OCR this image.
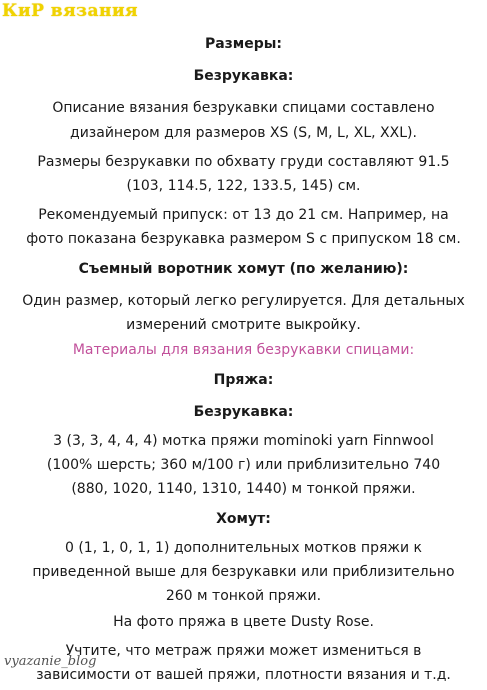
КиР вязания
Размеры:
Безрукавка:
Описание вязания безрукавки спицами составлено
дизайнером для размеров XS (S, M, L, XL, XXL).
Размеры безрукавки по обхвату груди составляют 91.5
(103, 114.5, 122, 133.5, 145) см.
Рекомендуемый припуск: от 13 до 21 см. Например, на
фото показана безрукавка размером S с припуском 18 см.
Съемный воротник хомут (по желанию):
Один размер, который легко регулируется. Для детальных
измерений смотрите выкройку.
Материалы для вязания безрукавки спицами:
Пряжа:
Безрукавка:
3 (3, 3, 4, 4, 4) мотка пряжи mominoki yarn Finnwool
(100% шерсть; 360 м/100 г) или приблизительно 740
(880, 1020, 1140, 1310, 1440) м тонкой пряжи.
Хомут:
0 (1, 1, 0, 1, 1) дополнительных мотков пряжи к
приведенной выше для безрукавки или приблизительно
260 м тонкой пряжи.
На фото пряжа в цвете Dusty Rose.
Учтите, что метраж пряжи может измениться в
зависимости от вашей пряжи, плотности вязания и т.д.
vyazanie_blog
